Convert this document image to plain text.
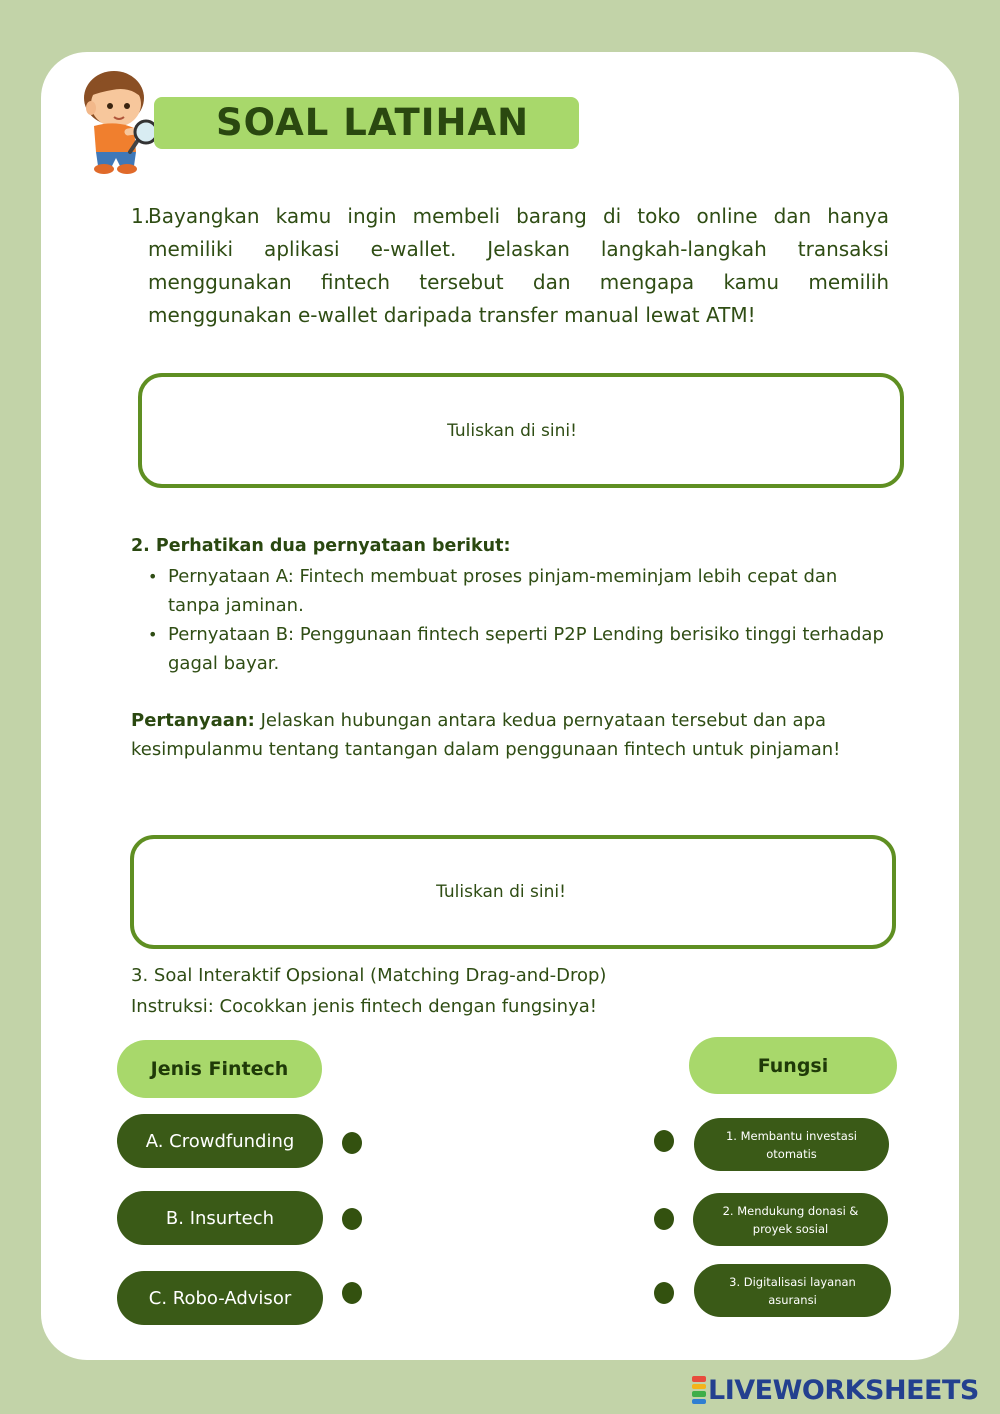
SOAL LATIHAN
1.
Bayangkan kamu ingin membeli barang di toko online dan hanya memiliki aplikasi e-wallet. Jelaskan langkah-langkah transaksi menggunakan fintech tersebut dan mengapa kamu memilih menggunakan e-wallet daripada transfer manual lewat ATM!
Tuliskan di sini!
2. Perhatikan dua pernyataan berikut:
• Pernyataan A: Fintech membuat proses pinjam-meminjam lebih cepat dan tanpa jaminan.
• Pernyataan B: Penggunaan fintech seperti P2P Lending berisiko tinggi terhadap gagal bayar.
Pertanyaan: Jelaskan hubungan antara kedua pernyataan tersebut dan apa kesimpulanmu tentang tantangan dalam penggunaan fintech untuk pinjaman!
Tuliskan di sini!
3. Soal Interaktif Opsional (Matching Drag-and-Drop)
Instruksi: Cocokkan jenis fintech dengan fungsinya!
Jenis Fintech	Fungsi
A. Crowdfunding
B. Insurtech
C. Robo-Advisor
1. Membantu investasi otomatis
2. Mendukung donasi & proyek sosial
3. Digitalisasi layanan asuransi
LIVEWORKSHEETS
